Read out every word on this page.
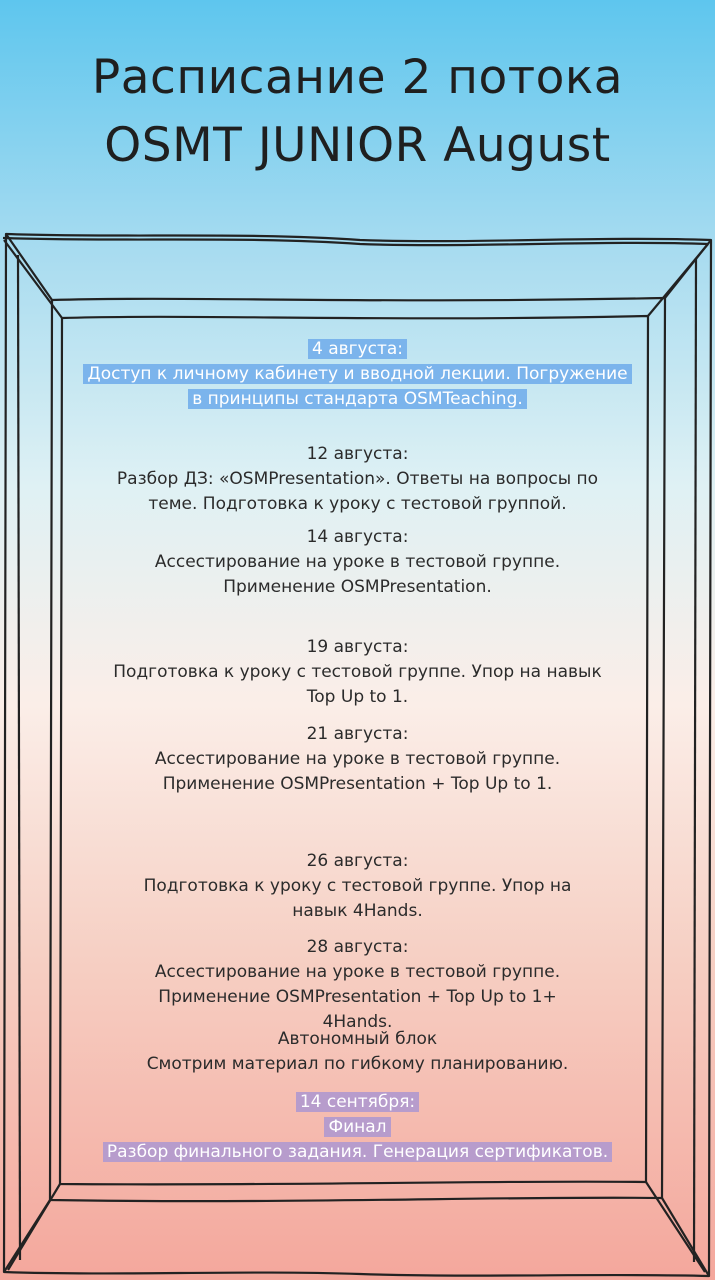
Расписание 2 потока
OSMT JUNIOR August
4 августа:
Доступ к личному кабинету и вводной лекции. Погружение
в принципы стандарта OSMTeaching.
12 августа:
Разбор ДЗ: «OSMPresentation». Ответы на вопросы по
теме. Подготовка к уроку с тестовой группой.
14 августа:
Ассестирование на уроке в тестовой группе.
Применение OSMPresentation.
19 августа:
Подготовка к уроку с тестовой группе. Упор на навык
Top Up to 1.
21 августа:
Ассестирование на уроке в тестовой группе.
Применение OSMPresentation + Top Up to 1.
26 августа:
Подготовка к уроку с тестовой группе. Упор на
навык 4Hands.
28 августа:
Ассестирование на уроке в тестовой группе.
Применение OSMPresentation + Top Up to 1+
4Hands.
Автономный блок
Смотрим материал по гибкому планированию.
14 сентября:
Финал
Разбор финального задания. Генерация сертификатов.
